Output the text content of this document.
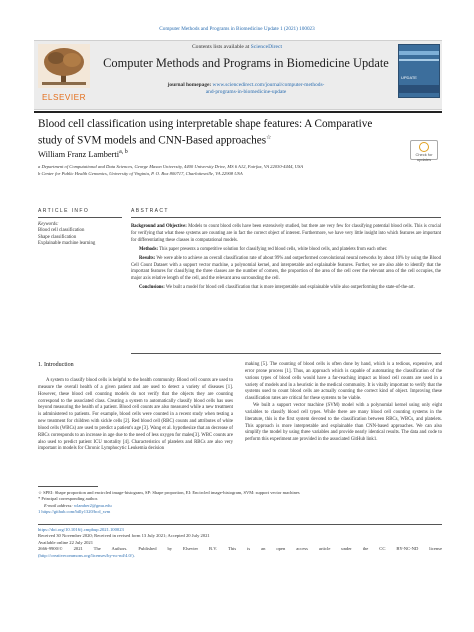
Computer Methods and Programs in Biomedicine Update 1 (2021) 100023
ELSEVIER
Contents lists available at ScienceDirect
Computer Methods and Programs in Biomedicine Update
journal homepage: www.sciencedirect.com/journal/computer-methods-
and-programs-in-biomedicine-update
UPDATE
Blood cell classification using interpretable shape features: A Comparative
study of SVM models and CNN-Based approaches☆
Check for updates
William Franz Lamberti$^{a, b}$
a Department of Computational and Data Sciences, George Mason University, 4400 University Drive, MS 6 A12, Fairfax, VA 22030-4444, USA
b Center for Public Health Genomics, University of Virginia, P. O. Box 800717, Charlottesville, VA 22908 USA
ARTICLE INFO	ABSTRACT
Keywords:
Blood cell classification
Shape classification
Explainable machine learning

Background and Objective: Models to count blood cells have been extensively studied, but there are very few for classifying potential blood cells. This is crucial for verifying that what these systems are counting are in fact the correct object of interest. Furthermore, we have very little insight into which features are important for differentiating these classes in computational models.

Methods: This paper presents a competitive solution for classifying red blood cells, white blood cells, and platelets from each other.

Results: We were able to achieve an overall classification rate of about 99% and outperformed convolutional neural networks by about 10% by using the Blood Cell Count Dataset with a support vector machine, a polynomial kernel, and interpretable and explainable features. Further, we are also able to identify that the important features for classifying the three classes are the number of corners, the proportion of the area of the cell over the relevant area of the cell occupies, the major axis relative length of the cell, and the relevant area surrounding the cell.

Conclusions: We built a model for blood cell classification that is more interpretable and explainable while also outperforming the state-of-the-art.

1. Introduction

A system to classify blood cells is helpful to the health community. Blood cell counts are used to measure the overall health of a given patient and are used to detect a variety of diseases [1]. However, these blood cell counting models do not verify that the objects they are counting correspond to the associated class. Creating a system to automatically classify blood cells has uses beyond measuring the health of a patient. Blood cell counts are also measured while a new treatment is administered to patients. For example, blood cells were counted in a recent study when testing a new treatment for children with sickle cells [2]. Red blood cell (RBC) counts and attributes of white blood cells (WBCs) are used to predict a patient's age [3]. Wang et al. hypothesize that an decrease of RBCs corresponds to an increase in age due to the need of less oxygen for males[3]. WBC counts are also used to predict patient ICU mortality [4]. Characteristics of platelets and RBCs are also very important in models for Chronic Lymphocytic Leukemia decision

making [5]. The counting of blood cells is often done by hand, which is a tedious, expensive, and error prone process [1]. Thus, an approach which is capable of automating the classification of the various types of blood cells would have a far-reaching impact as blood cell counts are used in a variety of models and in a heuristic in the medical community. It is vitally important to verify that the systems used to count blood cells are actually counting the correct kind of object. Improving these classification rates are critical for these systems to be viable.

We built a support vector machine (SVM) model with a polynomial kernel using only eight variables to classify blood cell types. While there are many blood cell counting systems in the literature, this is the first system devoted to the classification between RBCs, WBCs, and platelets. This approach is more interpretable and explainable than CNN-based approaches. We can also simplify the model by using three variables and provide nearly identical results. The data and code to perform this experiment are provided in the associated GitHub link1.

☆ SPEI: Shape proportion and encircled image-histogram, SP: Shape proportion, EI: Encircled image-histogram, SVM: support vector machines
* Principal corresponding author.
E-mail address: wlamber2@gmu.edu
1 https://github.com/billy1320/bcd_svm
https://doi.org/10.1016/j.cmpbup.2021.100023
Received 30 November 2020; Received in revised form 13 July 2021; Accepted 20 July 2021
Available online 22 July 2021
2666-9900/© 2021 The Authors. Published by Elsevier B.V. This is an open access article under the CC BY-NC-ND license
(http://creativecommons.org/licenses/by-nc-nd/4.0/).
